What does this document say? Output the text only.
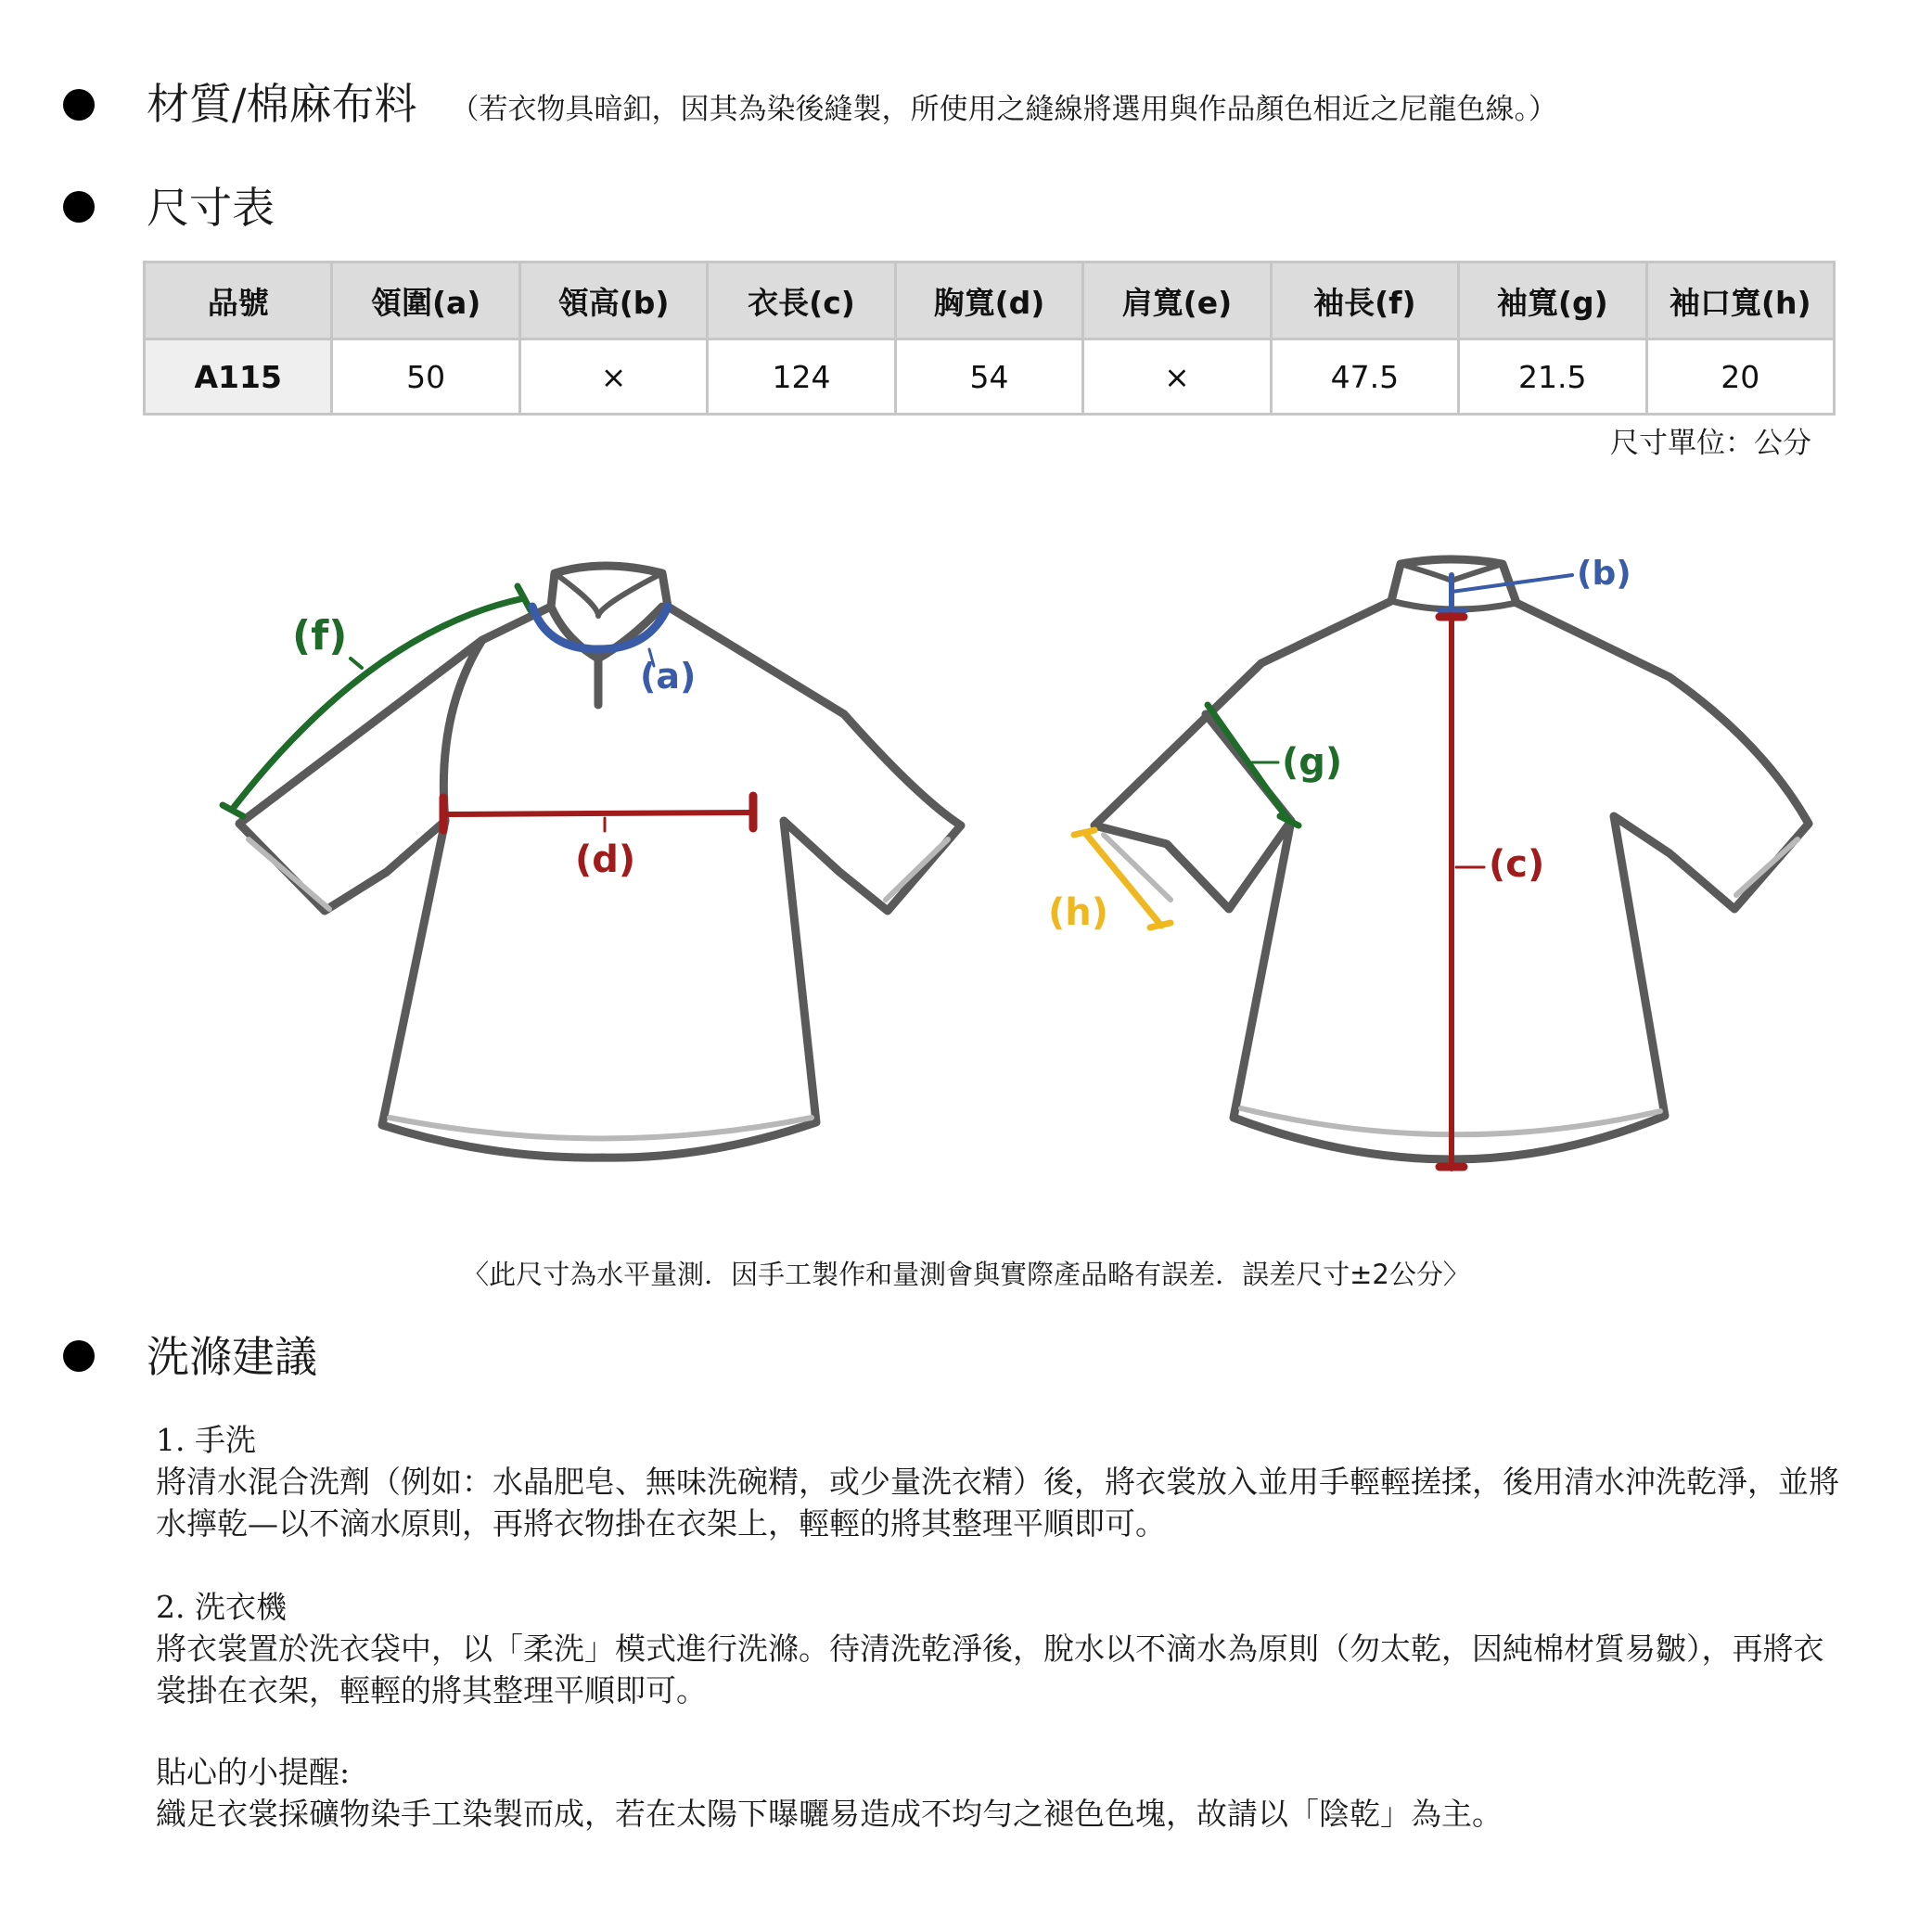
材質/棉麻布料 （若衣物具暗釦，因其為染後縫製，所使用之縫線將選用與作品顏色相近之尼龍色線。）
尺寸表
品號	領圍(a)	領高(b)	衣長(c)	胸寬(d)	肩寬(e)	袖長(f)	袖寬(g)	袖口寬(h)
A115	50	×	124	54	×	47.5	21.5	20
尺寸單位：公分
(f)
(a)
(d)
(b)
(c)
(g)
(h)
〈此尺寸為水平量測．因手工製作和量測會與實際產品略有誤差．誤差尺寸±2公分〉
洗滌建議
1. 手洗
將清水混合洗劑（例如：水晶肥皂、無味洗碗精，或少量洗衣精）後，將衣裳放入並用手輕輕搓揉，後用清水沖洗乾淨，並將水擰乾—以不滴水原則，再將衣物掛在衣架上，輕輕的將其整理平順即可。
2. 洗衣機
將衣裳置於洗衣袋中，以「柔洗」模式進行洗滌。待清洗乾淨後，脫水以不滴水為原則（勿太乾，因純棉材質易皺），再將衣裳掛在衣架，輕輕的將其整理平順即可。
貼心的小提醒:
織足衣裳採礦物染手工染製而成，若在太陽下曝曬易造成不均勻之褪色色塊，故請以「陰乾」為主。
